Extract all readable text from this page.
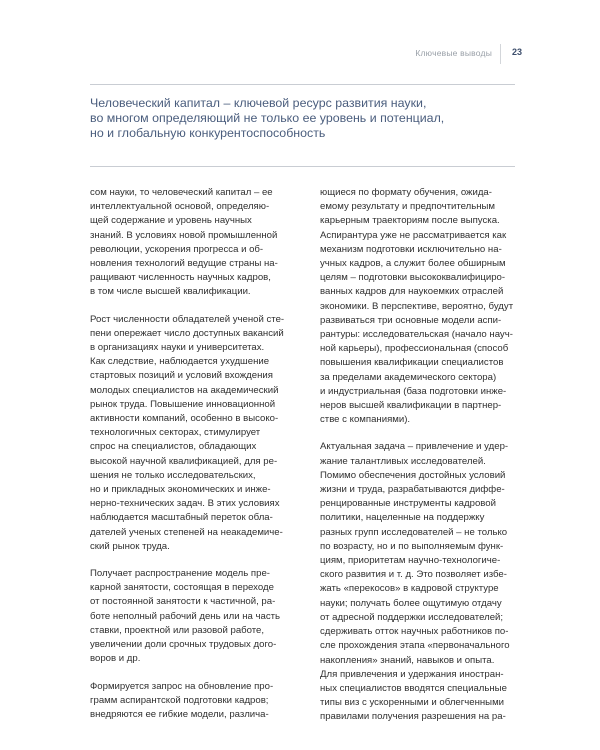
Ключевые выводы 23
Человеческий капитал – ключевой ресурс развития науки,
во многом определяющий не только ее уровень и потенциал,
но и глобальную конкурентоспособность
сом науки, то человеческий капитал – ее
интеллектуальной основой, определяю-
щей содержание и уровень научных
знаний. В условиях новой промышленной
революции, ускорения прогресса и об-
новления технологий ведущие страны на-
ращивают численность научных кадров,
в том числе высшей квалификации.
Рост численности обладателей ученой сте-
пени опережает число доступных вакансий
в организациях науки и университетах.
Как следствие, наблюдается ухудшение
стартовых позиций и условий вхождения
молодых специалистов на академический
рынок труда. Повышение инновационной
активности компаний, особенно в высоко-
технологичных секторах, стимулирует
спрос на специалистов, обладающих
высокой научной квалификацией, для ре-
шения не только исследовательских,
но и прикладных экономических и инже-
нерно-технических задач. В этих условиях
наблюдается масштабный переток обла-
дателей ученых степеней на неакадемиче-
ский рынок труда.
Получает распространение модель пре-
карной занятости, состоящая в переходе
от постоянной занятости к частичной, ра-
боте неполный рабочий день или на часть
ставки, проектной или разовой работе,
увеличении доли срочных трудовых дого-
воров и др.
Формируется запрос на обновление про-
грамм аспирантской подготовки кадров;
внедряются ее гибкие модели, различа-
ющиеся по формату обучения, ожида-
емому результату и предпочтительным
карьерным траекториям после выпуска.
Аспирантура уже не рассматривается как
механизм подготовки исключительно на-
учных кадров, а служит более обширным
целям – подготовки высококвалифициро-
ванных кадров для наукоемких отраслей
экономики. В перспективе, вероятно, будут
развиваться три основные модели аспи-
рантуры: исследовательская (начало науч-
ной карьеры), профессиональная (способ
повышения квалификации специалистов
за пределами академического сектора)
и индустриальная (база подготовки инже-
неров высшей квалификации в партнер-
стве с компаниями).
Актуальная задача – привлечение и удер-
жание талантливых исследователей.
Помимо обеспечения достойных условий
жизни и труда, разрабатываются диффе-
ренцированные инструменты кадровой
политики, нацеленные на поддержку
разных групп исследователей – не только
по возрасту, но и по выполняемым функ-
циям, приоритетам научно-технологиче-
ского развития и т. д. Это позволяет избе-
жать «перекосов» в кадровой структуре
науки; получать более ощутимую отдачу
от адресной поддержки исследователей;
сдерживать отток научных работников по-
сле прохождения этапа «первоначального
накопления» знаний, навыков и опыта.
Для привлечения и удержания иностран-
ных специалистов вводятся специальные
типы виз с ускоренными и облегченными
правилами получения разрешения на ра-
